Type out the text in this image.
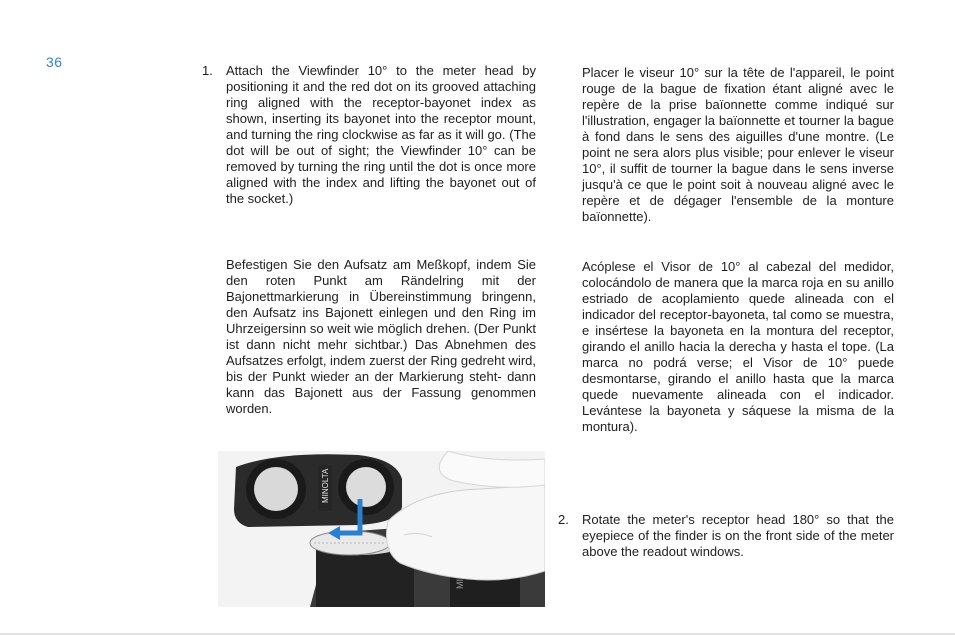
36
1. Attach the Viewfinder 10° to the meter head by positioning it and the red dot on its grooved attaching ring aligned with the receptor-bayonet index as shown, inserting its bayonet into the receptor mount, and turning the ring clockwise as far as it will go. (The dot will be out of sight; the Viewfinder 10° can be removed by turning the ring until the dot is once more aligned with the index and lifting the bayonet out of the socket.)

Befestigen Sie den Aufsatz am Meßkopf, indem Sie den roten Punkt am Rändelring mit der Bajonettmarkierung in Übereinstimmung bringenn, den Aufsatz ins Bajonett einlegen und den Ring im Uhrzeigersinn so weit wie möglich drehen. (Der Punkt ist dann nicht mehr sichtbar.) Das Abnehmen des Aufsatzes erfolgt, indem zuerst der Ring gedreht wird, bis der Punkt wieder an der Markierung steht- dann kann das Bajonett aus der Fassung genommen worden.

Placer le viseur 10° sur la tête de l'appareil, le point rouge de la bague de fixation étant aligné avec le repère de la prise baïonnette comme indiqué sur l'illustration, engager la baïonnette et tourner la bague à fond dans le sens des aiguilles d'une montre. (Le point ne sera alors plus visible; pour enlever le viseur 10°, il suffit de tourner la bague dans le sens inverse jusqu'à ce que le point soit à nouveau aligné avec le repère et de dégager l'ensemble de la monture baïonnette).

Acóplese el Visor de 10° al cabezal del medidor, colocándolo de manera que la marca roja en su anillo estriado de acoplamiento quede alineada con el indicador del receptor-bayoneta, tal como se muestra, e insértese la bayoneta en la montura del receptor, girando el anillo hacia la derecha y hasta el tope. (La marca no podrá verse; el Visor de 10° puede desmontarse, girando el anillo hasta que la marca quede nuevamente alineada con el indicador. Levántese la bayoneta y sáquese la misma de la montura).

2. Rotate the meter's receptor head 180° so that the eyepiece of the finder is on the front side of the meter above the readout windows.

MINOLTA
